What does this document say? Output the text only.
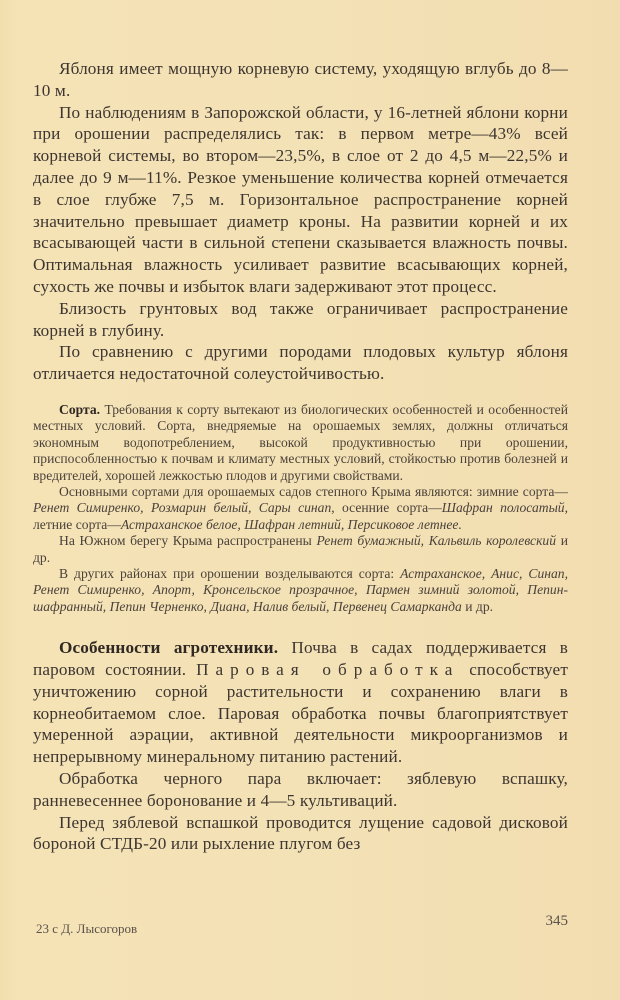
Яблоня имеет мощную корневую систему, уходящую вглубь до 8—10 м.

По наблюдениям в Запорожской области, у 16-летней яблони корни при орошении распределялись так: в первом метре—43% всей корневой системы, во втором—23,5%, в слое от 2 до 4,5 м—22,5% и далее до 9 м—11%. Резкое уменьшение количества корней отмечается в слое глубже 7,5 м. Горизонтальное распространение корней значительно превышает диаметр кроны. На развитии корней и их всасывающей части в сильной степени сказывается влажность почвы. Оптимальная влажность усиливает развитие всасывающих корней, сухость же почвы и избыток влаги задерживают этот процесс.

Близость грунтовых вод также ограничивает распространение корней в глубину.

По сравнению с другими породами плодовых культур яблоня отличается недостаточной солеустойчивостью.

Сорта. Требования к сорту вытекают из биологических особенностей и особенностей местных условий. Сорта, внедряемые на орошаемых землях, должны отличаться экономным водопотреблением, высокой продуктивностью при орошении, приспособленностью к почвам и климату местных условий, стойкостью против болезней и вредителей, хорошей лежкостью плодов и другими свойствами.

Основными сортами для орошаемых садов степного Крыма являются: зимние сорта—Ренет Симиренко, Розмарин белый, Сары синап, осенние сорта—Шафран полосатый, летние сорта—Астраханское белое, Шафран летний, Персиковое летнее.

На Южном берегу Крыма распространены Ренет бумажный, Кальвиль королевский и др.

В других районах при орошении возделываются сорта: Астраханское, Анис, Синап, Ренет Симиренко, Апорт, Кронсельское прозрачное, Пармен зимний золотой, Пепин-шафранный, Пепин Черненко, Диана, Налив белый, Первенец Самарканда и др.

Особенности агротехники. Почва в садах поддерживается в паровом состоянии. Паровая обработка способствует уничтожению сорной растительности и сохранению влаги в корнеобитаемом слое. Паровая обработка почвы благоприятствует умеренной аэрации, активной деятельности микроорганизмов и непрерывному минеральному питанию растений.

Обработка черного пара включает: зяблевую вспашку, ранневесеннее боронование и 4—5 культиваций.

Перед зяблевой вспашкой проводится лущение садовой дисковой бороной СТДБ-20 или рыхление плугом без

345
23 с Д. Лысогоров
